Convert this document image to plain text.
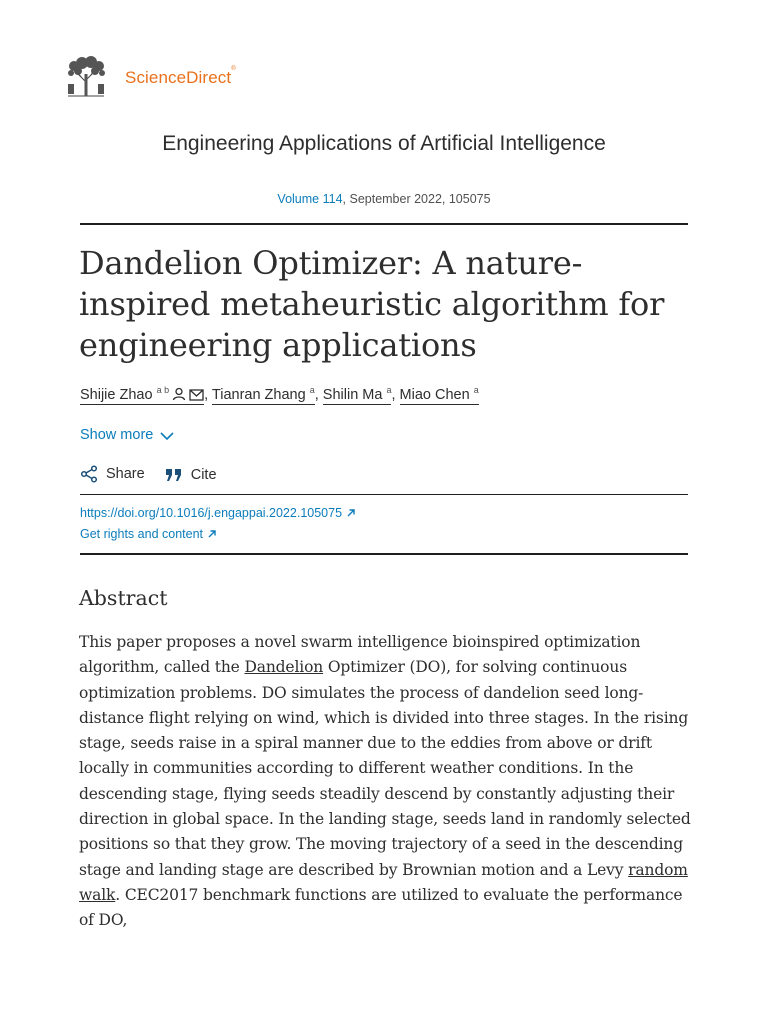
ScienceDirect®
Engineering Applications of Artificial Intelligence
Volume 114, September 2022, 105075
Dandelion Optimizer: A nature-inspired metaheuristic algorithm for engineering applications
Shijie Zhao $^{a b}$ , Tianran Zhang $^a$, Shilin Ma $^a$, Miao Chen $^a$
Show more
Share
	Cite
https://doi.org/10.1016/j.engappai.2022.105075
Get rights and content
Abstract

This paper proposes a novel swarm intelligence bioinspired optimization algorithm, called the Dandelion Optimizer (DO), for solving continuous optimization problems. DO simulates the process of dandelion seed long-distance flight relying on wind, which is divided into three stages. In the rising stage, seeds raise in a spiral manner due to the eddies from above or drift locally in communities according to different weather conditions. In the descending stage, flying seeds steadily descend by constantly adjusting their direction in global space. In the landing stage, seeds land in randomly selected positions so that they grow. The moving trajectory of a seed in the descending stage and landing stage are described by Brownian motion and a Levy random walk. CEC2017 benchmark functions are utilized to evaluate the performance of DO,
